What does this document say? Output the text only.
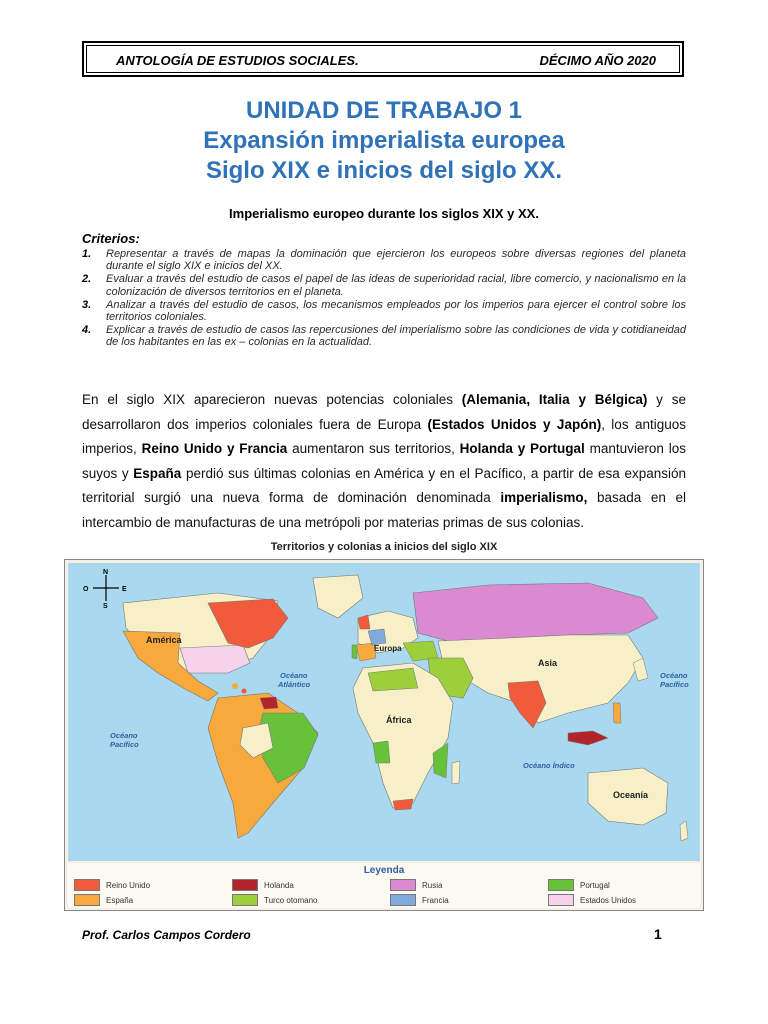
ANTOLOGÍA DE ESTUDIOS SOCIALES.	DÉCIMO AÑO 2020
UNIDAD DE TRABAJO 1
Expansión imperialista europea
Siglo XIX e inicios del siglo XX.
Imperialismo europeo durante los siglos XIX y XX.
Criterios:
1.	Representar a través de mapas la dominación que ejercieron los europeos sobre diversas regiones del planeta durante el siglo XIX e inicios del XX.
2.	Evaluar a través del estudio de casos el papel de las ideas de superioridad racial, libre comercio, y nacionalismo en la colonización de diversos territorios en el planeta.
3.	Analizar a través del estudio de casos, los mecanismos empleados por los imperios para ejercer el control sobre los territorios coloniales.
4.	Explicar a través de estudio de casos las repercusiones del imperialismo sobre las condiciones de vida y cotidianeidad de los habitantes en las ex – colonias en la actualidad.
En el siglo XIX aparecieron nuevas potencias coloniales (Alemania, Italia y Bélgica) y se desarrollaron dos imperios coloniales fuera de Europa (Estados Unidos y Japón), los antiguos imperios, Reino Unido y Francia aumentaron sus territorios, Holanda y Portugal mantuvieron los suyos y España perdió sus últimas colonias en América y en el Pacífico, a partir de esa expansión territorial surgió una nueva forma de dominación denominada imperialismo, basada en el intercambio de manufacturas de una metrópoli por materias primas de sus colonias.
Territorios y colonias a inicios del siglo XIX
N
S
E
O
América
Europa
Asia
África
Oceanía
Océano
Atlántico
Océano
Pacífico
Océano
Pacífico
Océano Índico
Leyenda
Reino Unido
España
Holanda
Turco otomano
Rusia
Francia
Portugal
Estados Unidos
Prof. Carlos Campos Cordero	1
